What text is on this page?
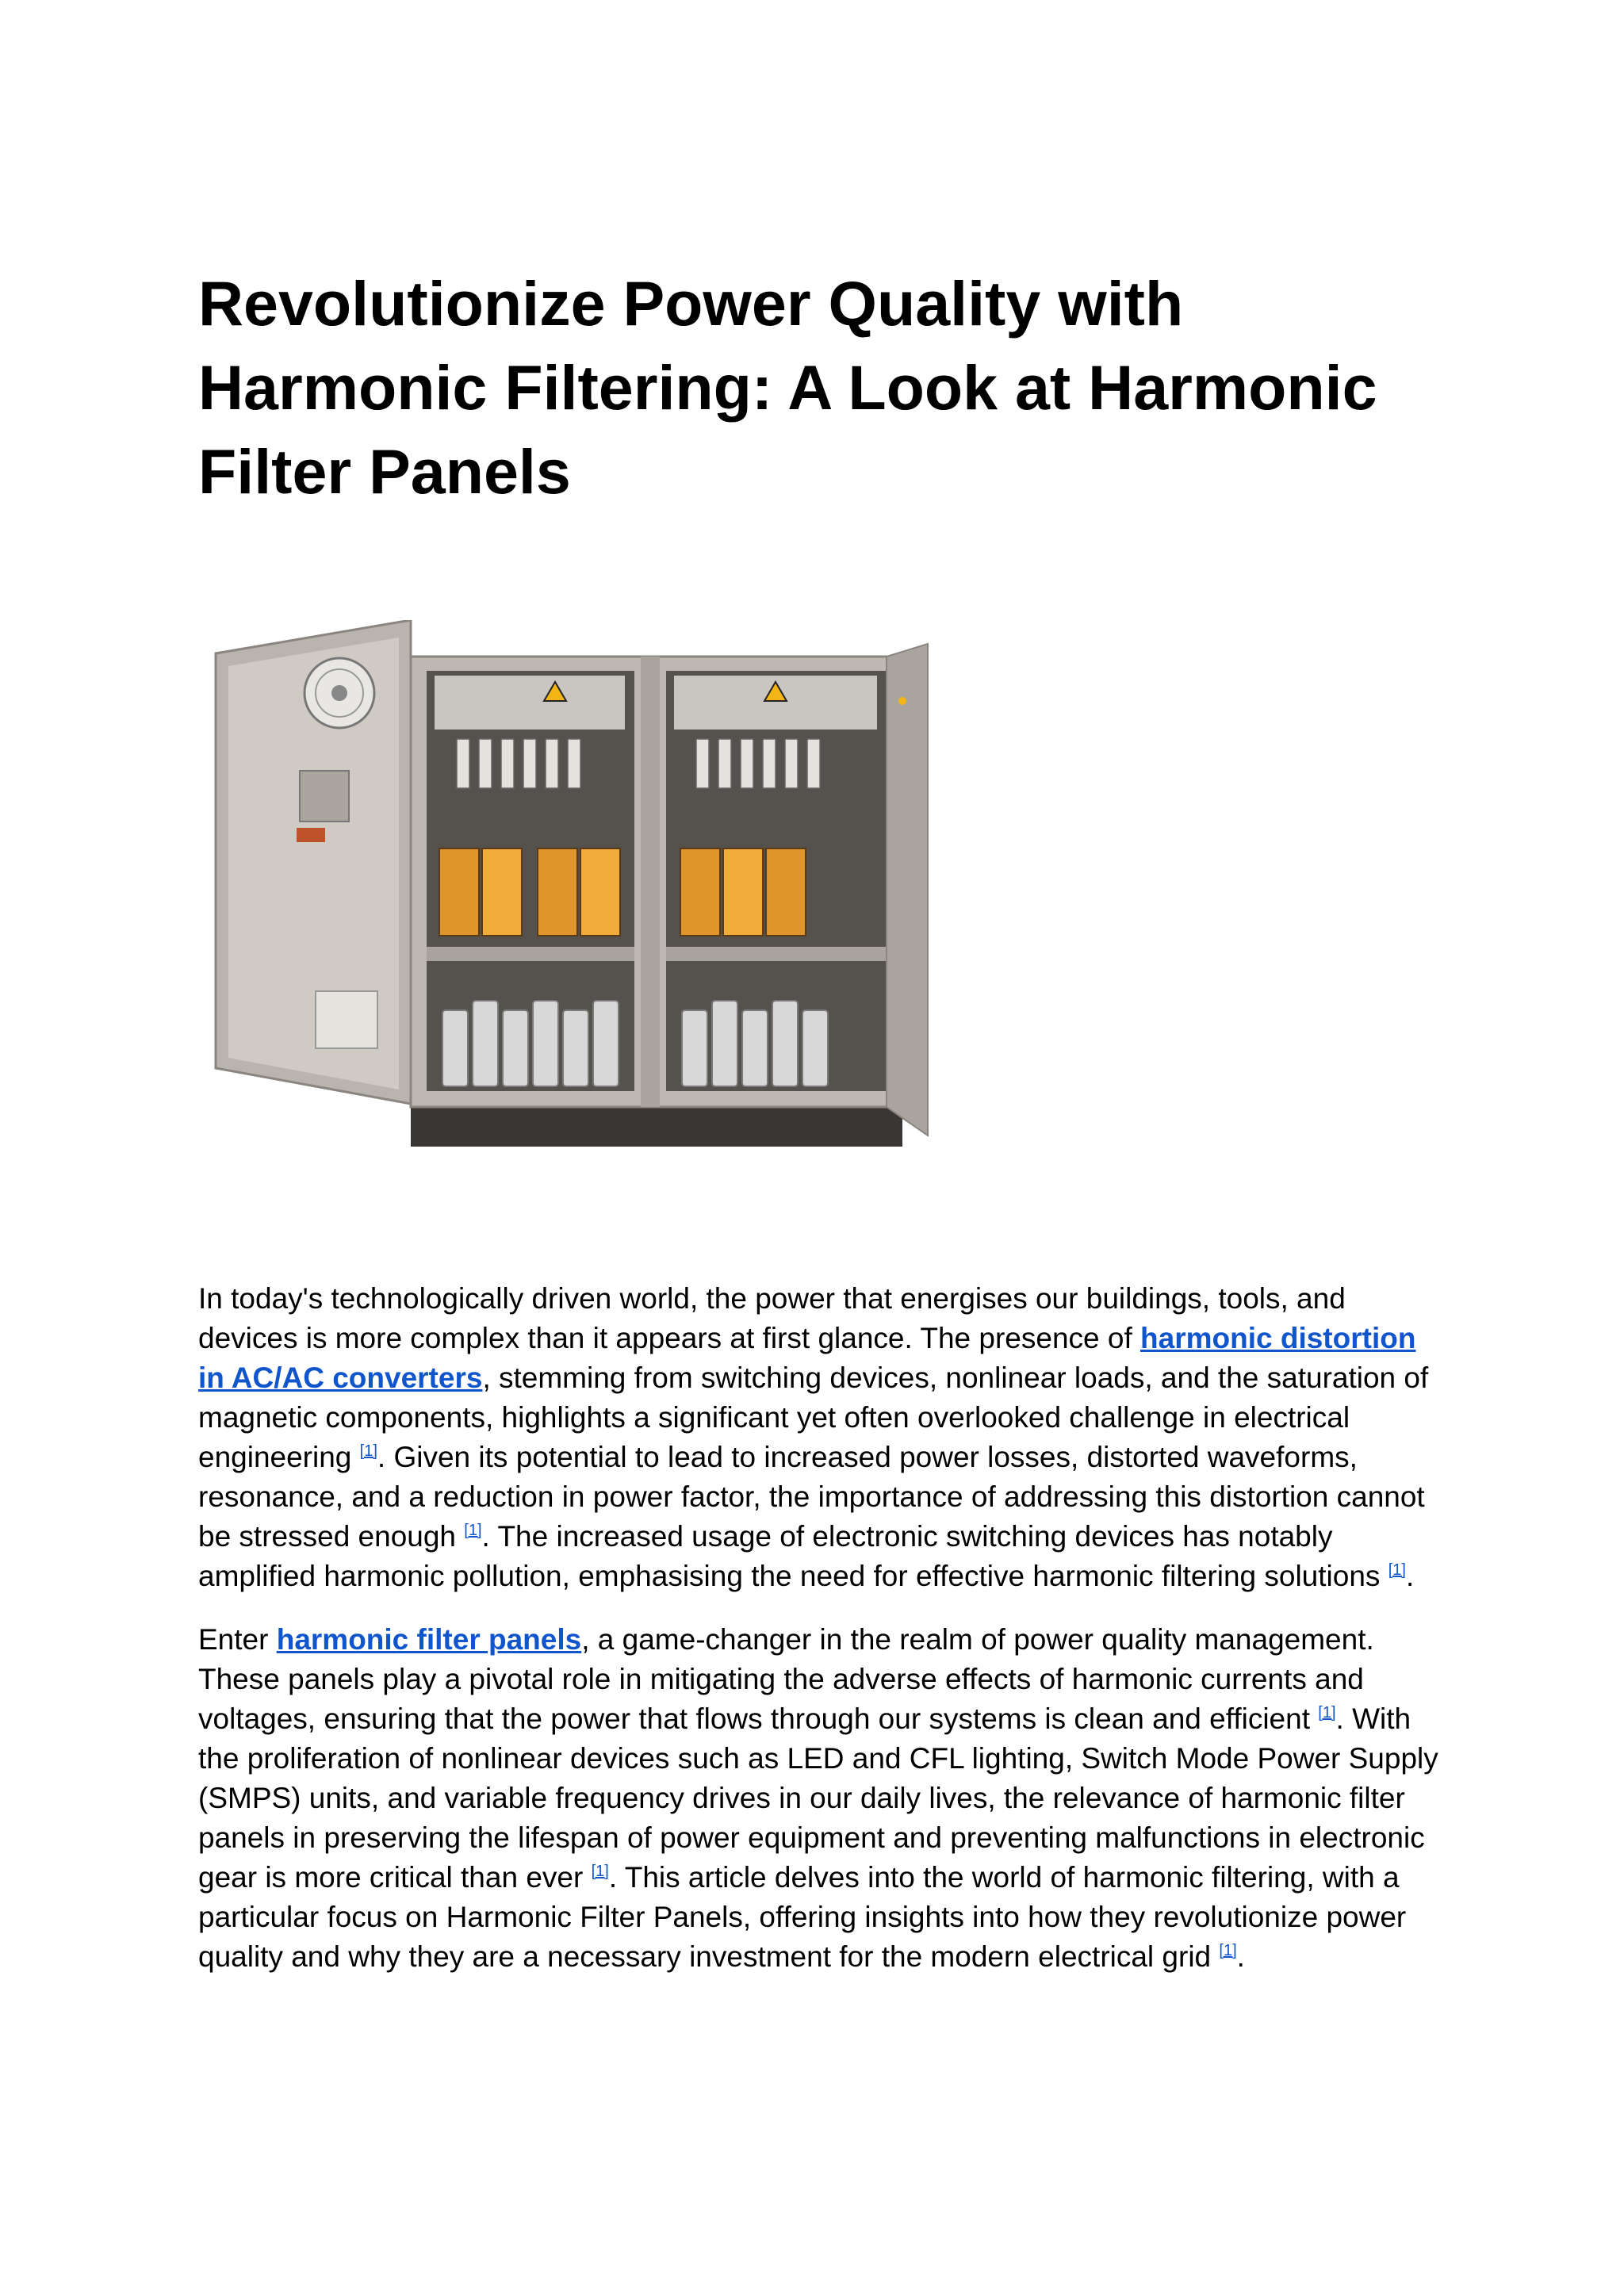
Revolutionize Power Quality with Harmonic Filtering: A Look at Harmonic Filter Panels

In today's technologically driven world, the power that energises our buildings, tools, and devices is more complex than it appears at first glance. The presence of harmonic distortion in AC/AC converters, stemming from switching devices, nonlinear loads, and the saturation of magnetic components, highlights a significant yet often overlooked challenge in electrical engineering [1]. Given its potential to lead to increased power losses, distorted waveforms, resonance, and a reduction in power factor, the importance of addressing this distortion cannot be stressed enough [1]. The increased usage of electronic switching devices has notably amplified harmonic pollution, emphasising the need for effective harmonic filtering solutions [1].

Enter harmonic filter panels, a game-changer in the realm of power quality management. These panels play a pivotal role in mitigating the adverse effects of harmonic currents and voltages, ensuring that the power that flows through our systems is clean and efficient [1]. With the proliferation of nonlinear devices such as LED and CFL lighting, Switch Mode Power Supply (SMPS) units, and variable frequency drives in our daily lives, the relevance of harmonic filter panels in preserving the lifespan of power equipment and preventing malfunctions in electronic gear is more critical than ever [1]. This article delves into the world of harmonic filtering, with a particular focus on Harmonic Filter Panels, offering insights into how they revolutionize power quality and why they are a necessary investment for the modern electrical grid [1].
